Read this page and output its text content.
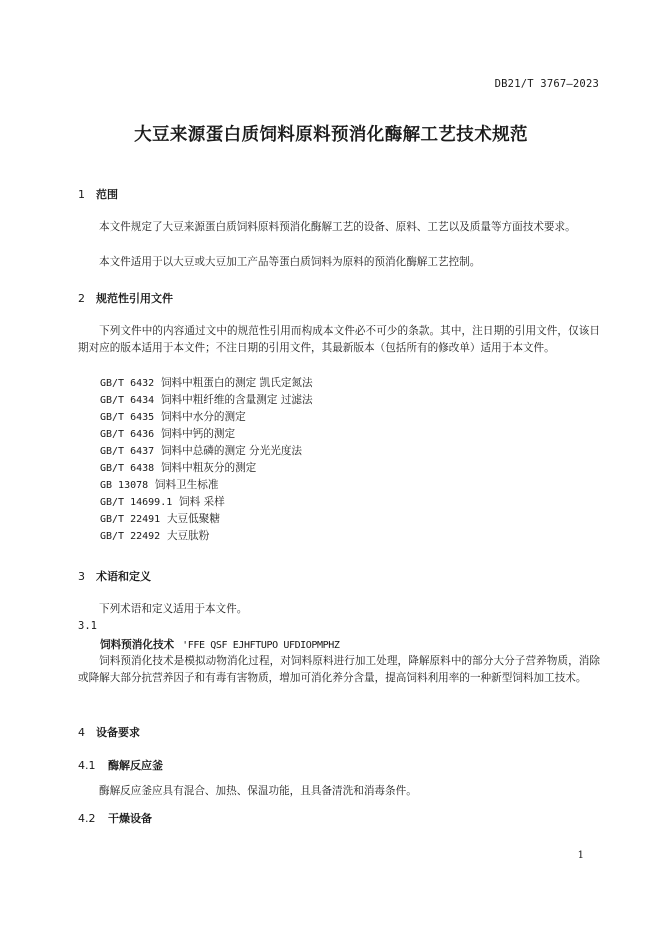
DB21/T 3767—2023
大豆来源蛋白质饲料原料预消化酶解工艺技术规范
1 范围
本文件规定了大豆来源蛋白质饲料原料预消化酶解工艺的设备、原料、工艺以及质量等方面技术要求。
本文件适用于以大豆或大豆加工产品等蛋白质饲料为原料的预消化酶解工艺控制。
2 规范性引用文件
下列文件中的内容通过文中的规范性引用而构成本文件必不可少的条款。其中，注日期的引用文件，仅该日期对应的版本适用于本文件；不注日期的引用文件，其最新版本（包括所有的修改单）适用于本文件。
GB/T 6432 饲料中粗蛋白的测定 凯氏定氮法
GB/T 6434 饲料中粗纤维的含量测定 过滤法
GB/T 6435 饲料中水分的测定
GB/T 6436 饲料中钙的测定
GB/T 6437 饲料中总磷的测定 分光光度法
GB/T 6438 饲料中粗灰分的测定
GB 13078 饲料卫生标准
GB/T 14699.1 饲料 采样
GB/T 22491 大豆低聚糖
GB/T 22492 大豆肽粉
3 术语和定义
下列术语和定义适用于本文件。
3.1
饲料预消化技术 'FFE QSF EJHFTUPO UFDIOPMPHZ
饲料预消化技术是模拟动物消化过程，对饲料原料进行加工处理，降解原料中的部分大分子营养物质，消除或降解大部分抗营养因子和有毒有害物质，增加可消化养分含量，提高饲料利用率的一种新型饲料加工技术。
4 设备要求
4.1 酶解反应釜
酶解反应釜应具有混合、加热、保温功能，且具备清洗和消毒条件。
4.2 干燥设备
1
